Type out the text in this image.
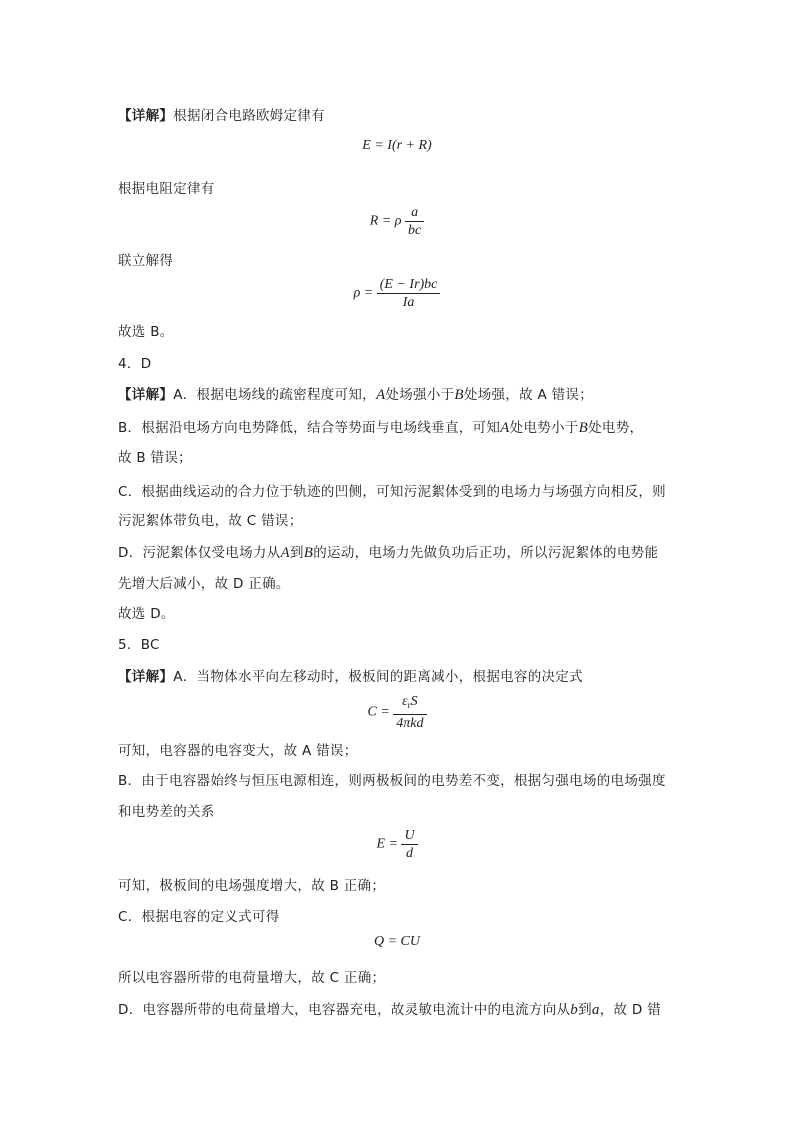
【详解】根据闭合电路欧姆定律有
E = I(r + R)
根据电阻定律有
R = ρ $\frac{a}{bc}$
联立解得
$\rho = \frac{(E - Ir)bc}{Ia}$
故选 B。
4．D
【详解】A．根据电场线的疏密程度可知，A处场强小于B处场强，故 A 错误；
B．根据沿电场方向电势降低，结合等势面与电场线垂直，可知A处电势小于B处电势，
故 B 错误；
C．根据曲线运动的合力位于轨迹的凹侧，可知污泥絮体受到的电场力与场强方向相反，则
污泥絮体带负电，故 C 错误；
D．污泥絮体仅受电场力从A到B的运动，电场力先做负功后正功，所以污泥絮体的电势能
先增大后减小，故 D 正确。
故选 D。
5．BC
【详解】A．当物体水平向左移动时，极板间的距离减小，根据电容的决定式
$C = \frac{\varepsilon_rS}{\text{4πkd}}$
可知，电容器的电容变大，故 A 错误；
B．由于电容器始终与恒压电源相连，则两极板间的电势差不变，根据匀强电场的电场强度
和电势差的关系
$E = \frac{U}{d}$
可知，极板间的电场强度增大，故 B 正确；
C．根据电容的定义式可得
Q = CU
所以电容器所带的电荷量增大，故 C 正确；
D．电容器所带的电荷量增大，电容器充电，故灵敏电流计中的电流方向从b到a，故 D 错
